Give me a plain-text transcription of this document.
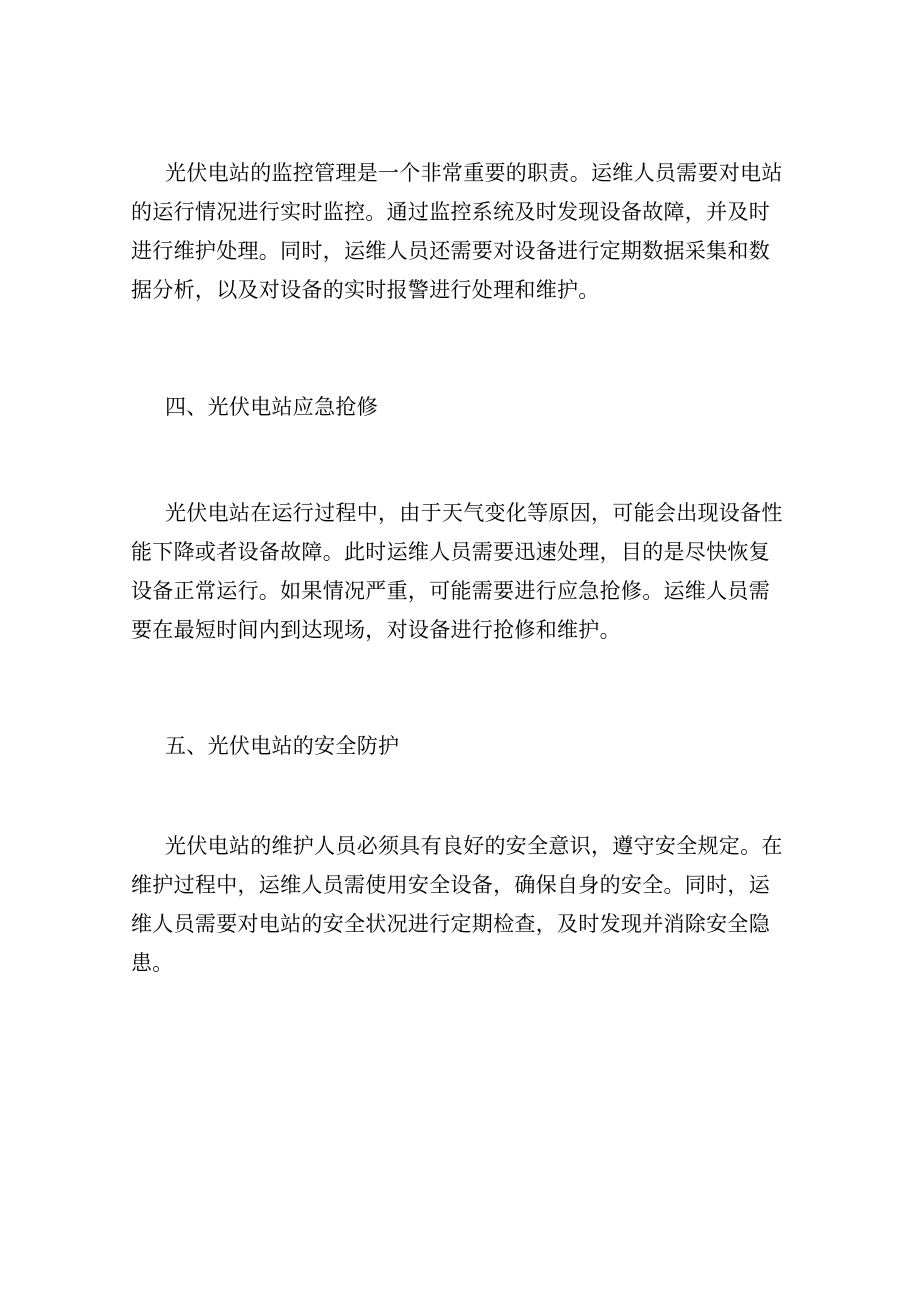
光伏电站的监控管理是一个非常重要的职责。运维人员需要对电站的运行情况进行实时监控。通过监控系统及时发现设备故障，并及时进行维护处理。同时，运维人员还需要对设备进行定期数据采集和数据分析，以及对设备的实时报警进行处理和维护。

四、光伏电站应急抢修

光伏电站在运行过程中，由于天气变化等原因，可能会出现设备性能下降或者设备故障。此时运维人员需要迅速处理，目的是尽快恢复设备正常运行。如果情况严重，可能需要进行应急抢修。运维人员需要在最短时间内到达现场，对设备进行抢修和维护。

五、光伏电站的安全防护

光伏电站的维护人员必须具有良好的安全意识，遵守安全规定。在维护过程中，运维人员需使用安全设备，确保自身的安全。同时，运维人员需要对电站的安全状况进行定期检查，及时发现并消除安全隐患。
